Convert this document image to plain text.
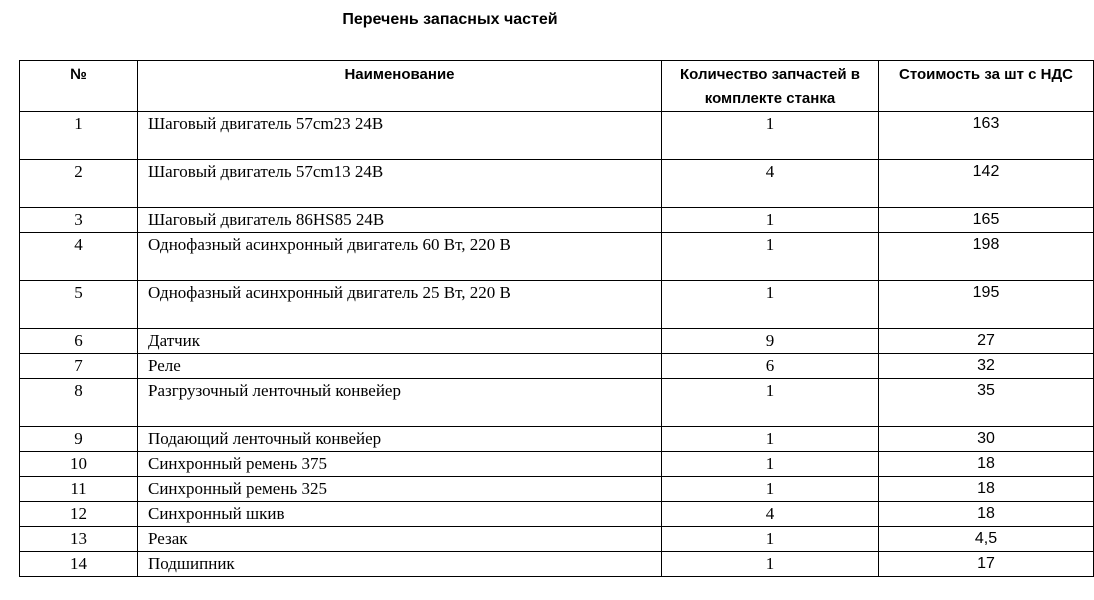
Перечень запасных частей
№	Наименование	Количество запчастей в комплекте станка	Стоимость за шт с НДС
1	Шаговый двигатель 57cm23 24В	1	163
2	Шаговый двигатель 57cm13 24В	4	142
3	Шаговый двигатель 86HS85 24В	1	165
4	Однофазный асинхронный двигатель 60 Вт, 220 В	1	198
5	Однофазный асинхронный двигатель 25 Вт, 220 В	1	195
6	Датчик	9	27
7	Реле	6	32
8	Разгрузочный ленточный конвейер	1	35
9	Подающий ленточный конвейер	1	30
10	Синхронный ремень 375	1	18
11	Синхронный ремень 325	1	18
12	Синхронный шкив	4	18
13	Резак	1	4,5
14	Подшипник	1	17
